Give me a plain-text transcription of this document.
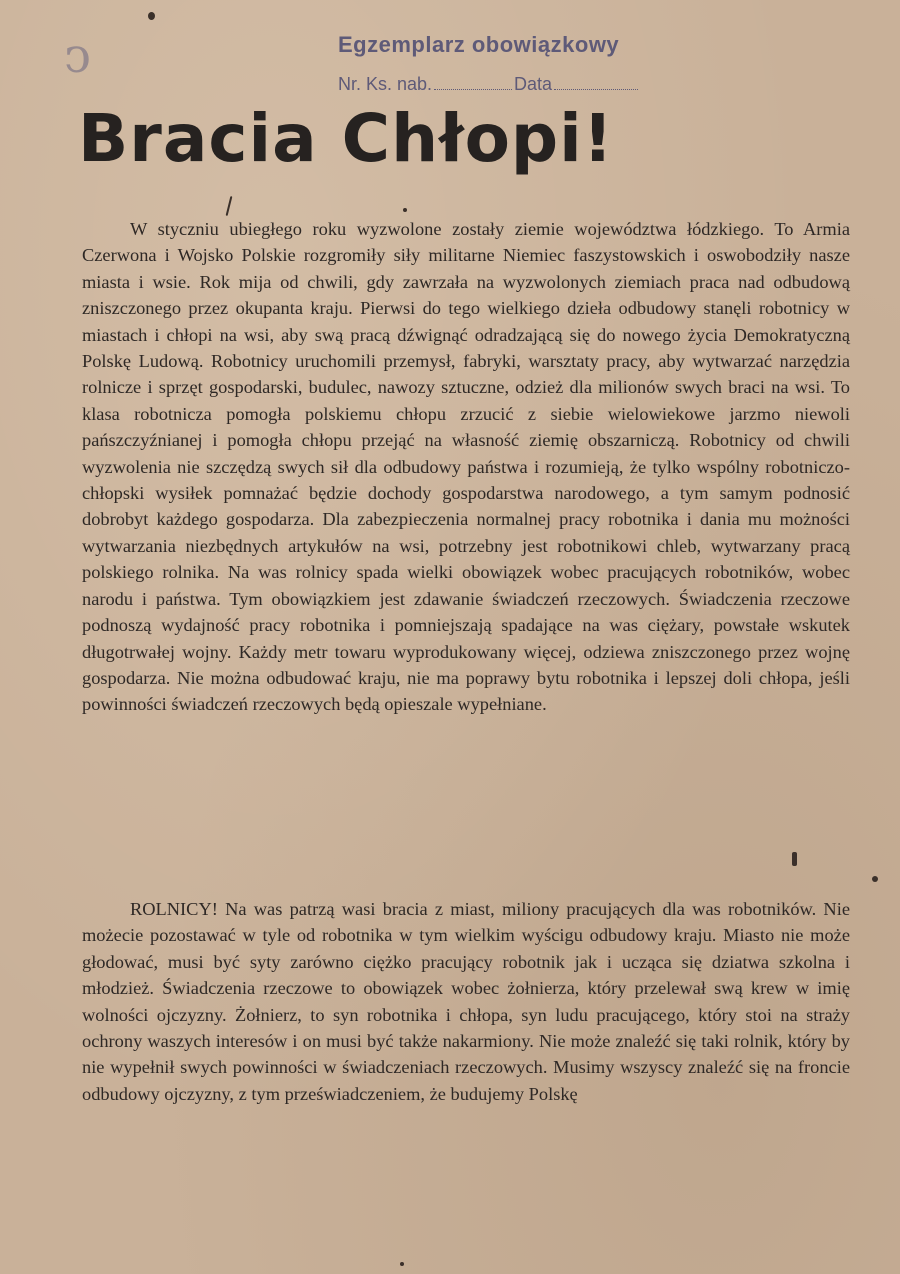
ↄ	Egzemplarz obowiązkowy
Nr. Ks. nab.	Data
Bracia Chłopi!

W styczniu ubiegłego roku wyzwolone zostały ziemie województwa łódzkiego. To Armia Czerwona i Wojsko Polskie rozgromiły siły militarne Niemiec faszystowskich i oswobodziły nasze miasta i wsie. Rok mija od chwili, gdy zawrzała na wyzwolonych ziemiach praca nad odbudową zniszczonego przez okupanta kraju. Pierwsi do tego wielkiego dzieła odbudowy stanęli robotnicy w miastach i chłopi na wsi, aby swą pracą dźwignąć odradzającą się do nowego życia Demokratyczną Polskę Ludową. Robotnicy uruchomili przemysł, fabryki, warsztaty pracy, aby wytwarzać narzędzia rolnicze i sprzęt gospodarski, budulec, nawozy sztuczne, odzież dla milionów swych braci na wsi. To klasa robotnicza pomogła polskiemu chłopu zrzucić z siebie wielowiekowe jarzmo niewoli pańszczyźnianej i pomogła chłopu przejąć na własność ziemię obszarniczą. Robotnicy od chwili wyzwolenia nie szczędzą swych sił dla odbudowy państwa i rozumieją, że tylko wspólny robotniczo-chłopski wysiłek pomnażać będzie dochody gospodarstwa narodowego, a tym samym podnosić dobrobyt każdego gospodarza. Dla zabezpieczenia normalnej pracy robotnika i dania mu możności wytwarzania niezbędnych artykułów na wsi, potrzebny jest robotnikowi chleb, wytwarzany pracą polskiego rolnika. Na was rolnicy spada wielki obowiązek wobec pracujących robotników, wobec narodu i państwa. Tym obowiązkiem jest zdawanie świadczeń rzeczowych. Świadczenia rzeczowe podnoszą wydajność pracy robotnika i pomniejszają spadające na was ciężary, powstałe wskutek długotrwałej wojny. Każdy metr towaru wyprodukowany więcej, odziewa zniszczonego przez wojnę gospodarza. Nie można odbudować kraju, nie ma poprawy bytu robotnika i lepszej doli chłopa, jeśli powinności świadczeń rzeczowych będą opieszale wypełniane.

ROLNICY! Na was patrzą wasi bracia z miast, miliony pracujących dla was robotników. Nie możecie pozostawać w tyle od robotnika w tym wielkim wyścigu odbudowy kraju. Miasto nie może głodować, musi być syty zarówno ciężko pracujący robotnik jak i ucząca się dziatwa szkolna i młodzież. Świadczenia rzeczowe to obowiązek wobec żołnierza, który przelewał swą krew w imię wolności ojczyzny. Żołnierz, to syn robotnika i chłopa, syn ludu pracującego, który stoi na straży ochrony waszych interesów i on musi być także nakarmiony. Nie może znaleźć się taki rolnik, który by nie wypełnił swych powinności w świadczeniach rzeczowych. Musimy wszyscy znaleźć się na froncie odbudowy ojczyzny, z tym przeświadczeniem, że budujemy Polskę
